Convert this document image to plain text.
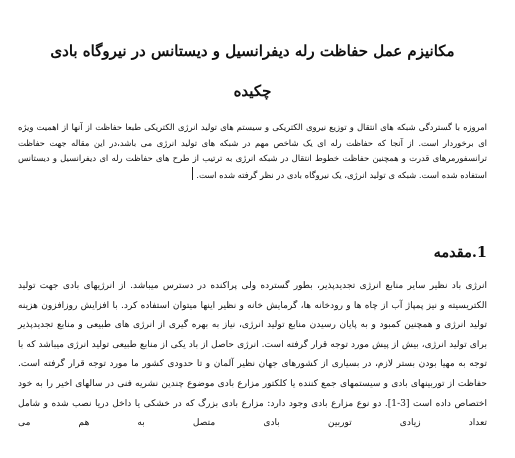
مکانیزم عمل حفاظت رله دیفرانسیل و دیستانس در نیروگاه بادی
چکیده

امروزه با گستردگی شبکه های انتقال و توزیع نیروی الکتریکی و سیستم های تولید انرژی الکتریکی طبعا حفاظت از آنها از اهمیت ویژه ای برخوردار است. از آنجا که حفاظت رله ای یک شاخص مهم در شبکه های تولید انرژی می باشد،در این مقاله جهت حفاظت ترانسفورمرهای قدرت و همچنین حفاظت خطوط انتقال در شبکه انرژی به ترتیب از طرح های حفاظت رله ای دیفرانسیل و دیستانس استفاده شده است. شبکه ی تولید انرژی، یک نیروگاه بادی در نظر گرفته شده است.

1.مقدمه

انرژی باد نظیر سایر منابع انرژی تجدیدپذیر، بطور گسترده ولی پراکنده در دسترس میباشد. از انرژیهای بادی جهت تولید الکتریسیته و نیز پمپاژ آب از چاه ها و رودخانه ها، گرمایش خانه و نظیر اینها میتوان استفاده کرد. با افزایش روزافزون هزینه تولید انرژی و همچنین کمبود و به پایان رسیدن منابع تولید انرژی، نیاز به بهره گیری از انرژی های طبیعی و منابع تجدیدپذیر برای تولید انرژی، بیش از پیش مورد توجه قرار گرفته است. انرژی حاصل از باد یکی از منابع طبیعی تولید انرژی میباشد که با توجه به مهیا بودن بستر لازم، در بسیاری از کشورهای جهان نظیر آلمان و تا حدودی کشور ما مورد توجه قرار گرفته است. حفاظت از توربینهای بادی و سیستمهای جمع کننده یا کلکتور مزارع بادی موضوع چندین نشریه فنی در سالهای اخیر را به خود اختصاص داده است [3-1]. دو نوع مزارع بادی وجود دارد: مزارع بادی بزرگ که در خشکی یا داخل دریا نصب شده و شامل تعداد زیادی توربین بادی متصل به هم می
